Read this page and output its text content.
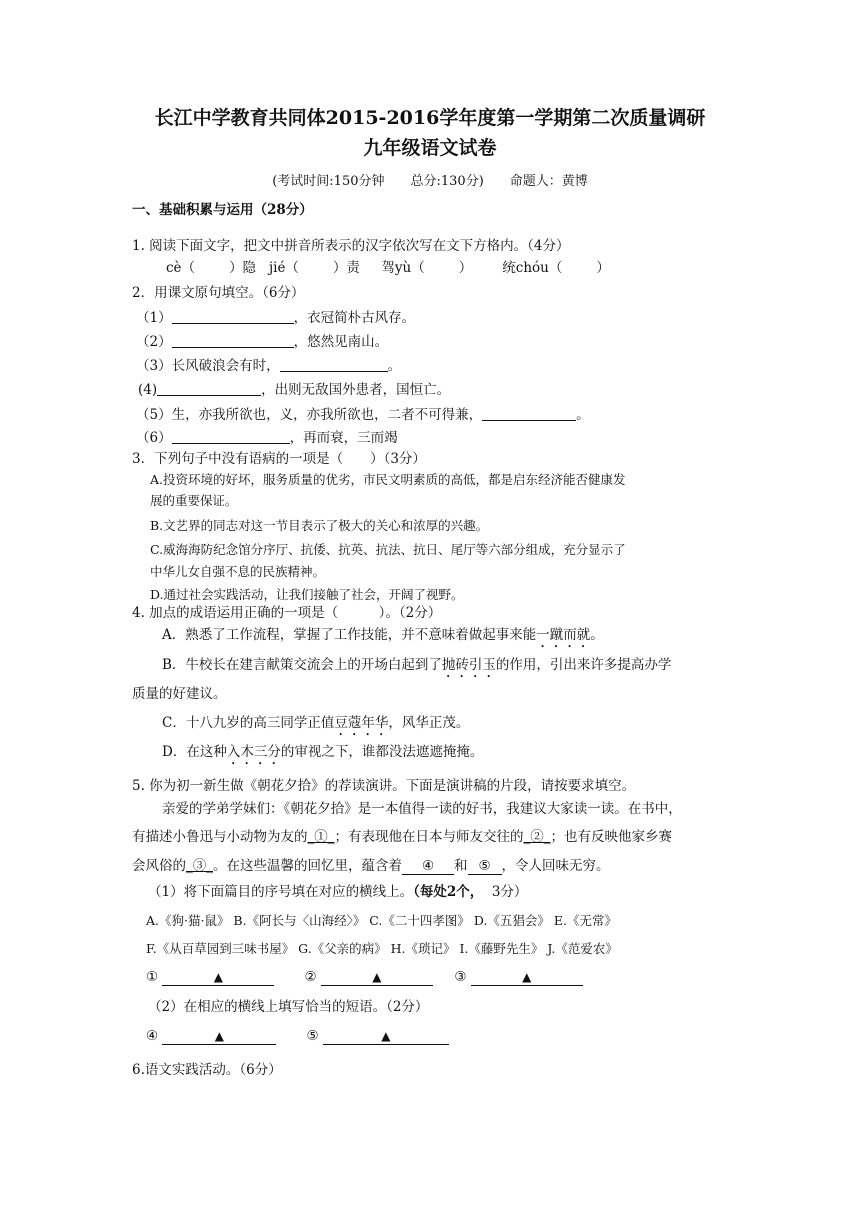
长江中学教育共同体2015-2016学年度第一学期第二次质量调研
九年级语文试卷
(考试时间:150分钟　　总分:130分)　　命题人：黄博
一、基础积累与运用（28分）
1. 阅读下面文字，把文中拼音所表示的汉字依次写在文下方格内。（4分）
cè（	）隐 jié（	）责 驾yù（	） 统chóu（	）
2．用课文原句填空。（6分）
（1）	，衣冠简朴古风存。
（2）	，悠然见南山。
（3）长风破浪会有时，	。
(4)	，出则无敌国外患者，国恒亡。
（5）生，亦我所欲也，义，亦我所欲也，二者不可得兼，	。
（6）	，再而衰，三而竭
3．下列句子中没有语病的一项是（　　）（3分）
A.投资环境的好坏，服务质量的优劣，市民文明素质的高低，都是启东经济能否健康发
展的重要保证。
B.文艺界的同志对这一节目表示了极大的关心和浓厚的兴趣。
C.威海海防纪念馆分序厅、抗倭、抗英、抗法、抗日、尾厅等六部分组成，充分显示了
中华儿女自强不息的民族精神。
D.通过社会实践活动，让我们接触了社会，开阔了视野。
4. 加点的成语运用正确的一项是（　　　）。（2分）
A．熟悉了工作流程，掌握了工作技能，并不意味着做起事来能一蹴而就。
B．牛校长在建言献策交流会上的开场白起到了抛砖引玉的作用，引出来许多提高办学
质量的好建议。
C．十八九岁的高三同学正值豆蔻年华，风华正茂。
D．在这种入木三分的审视之下，谁都没法遮遮掩掩。
5. 你为初一新生做《朝花夕拾》的荐读演讲。下面是演讲稿的片段，请按要求填空。
亲爱的学弟学妹们：《朝花夕拾》是一本值得一读的好书，我建议大家读一读。在书中，
有描述小鲁迅与小动物为友的_①_；有表现他在日本与师友交往的_②_；也有反映他家乡赛
会风俗的_③_。在这些温馨的回忆里，蕴含着 ④ 和 ⑤ ，令人回味无穷。
（1）将下面篇目的序号填在对应的横线上。（每处2个， 3分）
A.《狗·猫·鼠》 B.《阿长与〈山海经〉》 C.《二十四孝图》 D.《五猖会》 E.《无常》
F.《从百草园到三味书屋》 G.《父亲的病》 H.《琐记》 I.《藤野先生》 J.《范爱农》
①	▲	②	▲	③	▲
（2）在相应的横线上填写恰当的短语。（2分）
④	▲	⑤	▲
6.语文实践活动。（6分）
